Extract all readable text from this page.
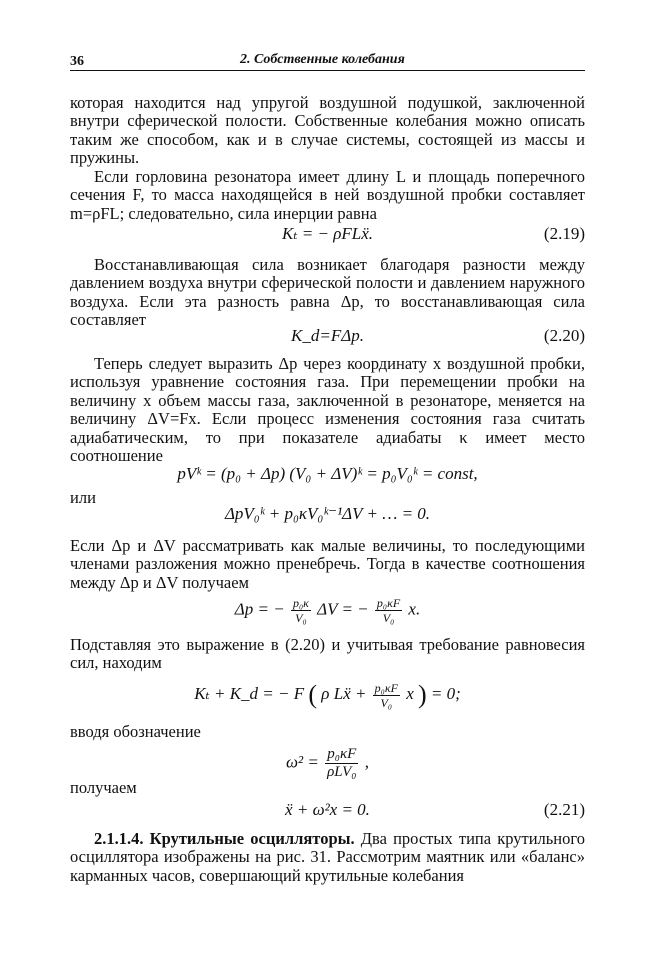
36	2. Собственные колебания

которая находится над упругой воздушной подушкой, заключенной внутри сферической полости. Собственные колебания можно описать таким же способом, как и в случае системы, состоящей из массы и пружины.

Если горловина резонатора имеет длину L и площадь поперечного сечения F, то масса находящейся в ней воздушной пробки составляет m=ρFL; следовательно, сила инерции равна

Kₜ = − ρFLẍ.	(2.19)

Восстанавливающая сила возникает благодаря разности между давлением воздуха внутри сферической полости и давлением наружного воздуха. Если эта разность равна Δp, то восстанавливающая сила составляет

K_d=FΔp.	(2.20)

Теперь следует выразить Δp через координату x воздушной пробки, используя уравнение состояния газа. При перемещении пробки на величину x объем массы газа, заключенной в резонаторе, меняется на величину ΔV=Fx. Если процесс изменения состояния газа считать адиабатическим, то при показателе адиабаты κ имеет место соотношение

pVᵏ = (p₀ + Δp) (V₀ + ΔV)ᵏ = p₀V₀ᵏ = const,

или

ΔpV₀ᵏ + p₀κV₀ᵏ⁻¹ΔV + … = 0.

Если Δp и ΔV рассматривать как малые величины, то последующими членами разложения можно пренебречь. Тогда в качестве соотношения между Δp и ΔV получаем

Δp = − $\frac{\text{p₀κ}}{\text{V₀}}$ ΔV = − $\frac{\text{p₀κF}}{\text{V₀}} x$.

Подставляя это выражение в (2.20) и учитывая требование равновесия сил, находим

Kₜ + K_d = − F ( ρ Lẍ + $\frac{\text{p₀κF}}{\text{V₀}}$ x ) = 0;

вводя обозначение

$\omega^2 = \frac{\text{p₀κF}}{\text{ρLV₀}}$ ,

получаем

ẍ + ω²x = 0.	(2.21)

2.1.1.4. Крутильные осцилляторы. Два простых типа крутильного осциллятора изображены на рис. 31. Рассмотрим маятник или «баланс» карманных часов, совершающий крутильные колебания
